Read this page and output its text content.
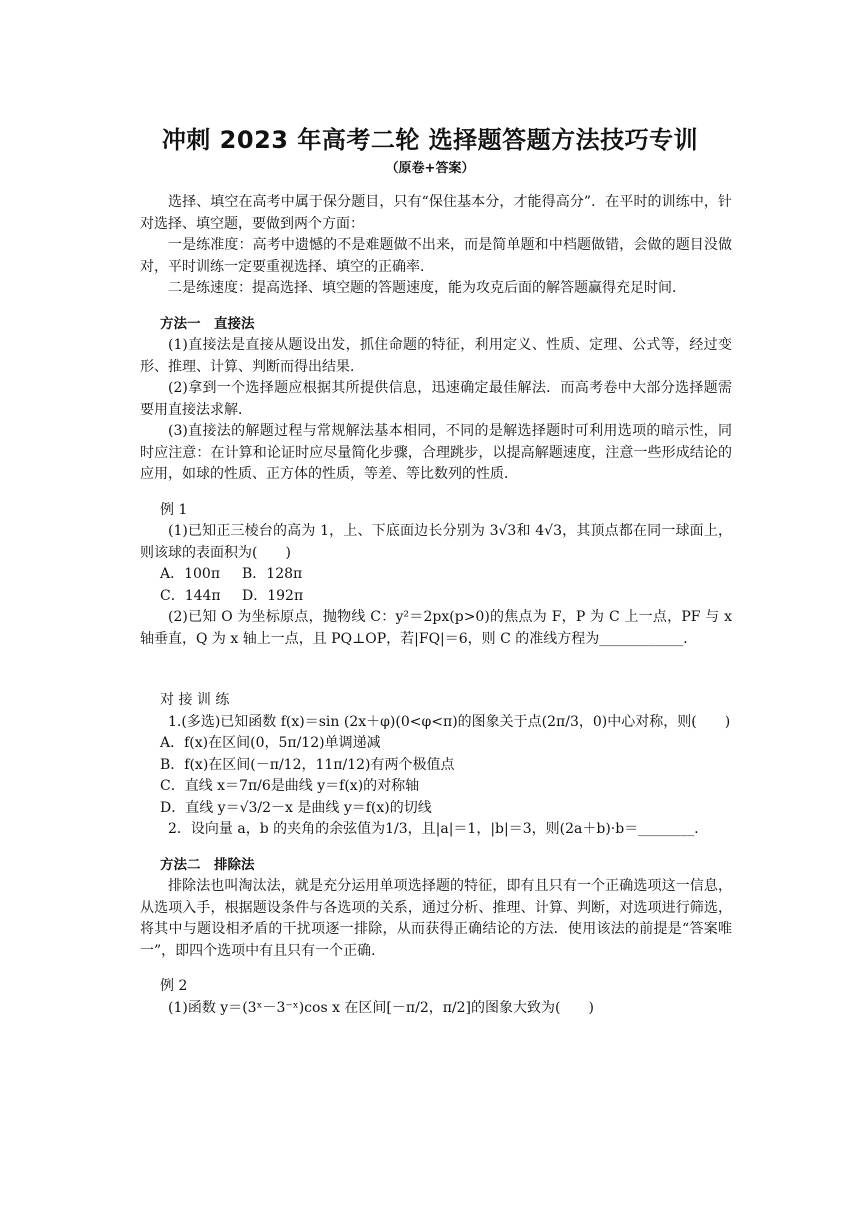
冲刺 2023 年高考二轮 选择题答题方法技巧专训
（原卷+答案）

选择、填空在高考中属于保分题目，只有“保住基本分，才能得高分”．在平时的训练中，针对选择、填空题，要做到两个方面：

一是练准度：高考中遗憾的不是难题做不出来，而是简单题和中档题做错，会做的题目没做对，平时训练一定要重视选择、填空的正确率．

二是练速度：提高选择、填空题的答题速度，能为攻克后面的解答题赢得充足时间．

方法一　直接法

(1)直接法是直接从题设出发，抓住命题的特征，利用定义、性质、定理、公式等，经过变形、推理、计算、判断而得出结果．

(2)拿到一个选择题应根据其所提供信息，迅速确定最佳解法．而高考卷中大部分选择题需要用直接法求解．

(3)直接法的解题过程与常规解法基本相同，不同的是解选择题时可利用选项的暗示性，同时应注意：在计算和论证时应尽量简化步骤，合理跳步，以提高解题速度，注意一些形成结论的应用，如球的性质、正方体的性质，等差、等比数列的性质．

例 1

(1)已知正三棱台的高为 1，上、下底面边长分别为 3√3和 4√3，其顶点都在同一球面上，则该球的表面积为(　　)

A．100π	B．128π
C．144π	D．192π

(2)已知 O 为坐标原点，抛物线 C：y²＝2px(p>0)的焦点为 F，P 为 C 上一点，PF 与 x 轴垂直，Q 为 x 轴上一点，且 PQ⊥OP，若|FQ|＝6，则 C 的准线方程为____________．

对 接 训 练

1.(多选)已知函数 f(x)＝sin (2x＋φ)(0<φ<π)的图象关于点(2π/3，0)中心对称，则(　　)

A．f(x)在区间(0，5π/12)单调递减

B．f(x)在区间(－π/12，11π/12)有两个极值点

C．直线 x＝7π/6是曲线 y＝f(x)的对称轴

D．直线 y＝√3/2－x 是曲线 y＝f(x)的切线

2．设向量 a，b 的夹角的余弦值为1/3，且|a|＝1，|b|＝3，则(2a＋b)·b＝________．

方法二　排除法

排除法也叫淘汰法，就是充分运用单项选择题的特征，即有且只有一个正确选项这一信息，从选项入手，根据题设条件与各选项的关系，通过分析、推理、计算、判断，对选项进行筛选，将其中与题设相矛盾的干扰项逐一排除，从而获得正确结论的方法．使用该法的前提是“答案唯一”，即四个选项中有且只有一个正确．

例 2

(1)函数 y＝(3ˣ－3⁻ˣ)cos x 在区间[－π/2，π/2]的图象大致为(　　)
